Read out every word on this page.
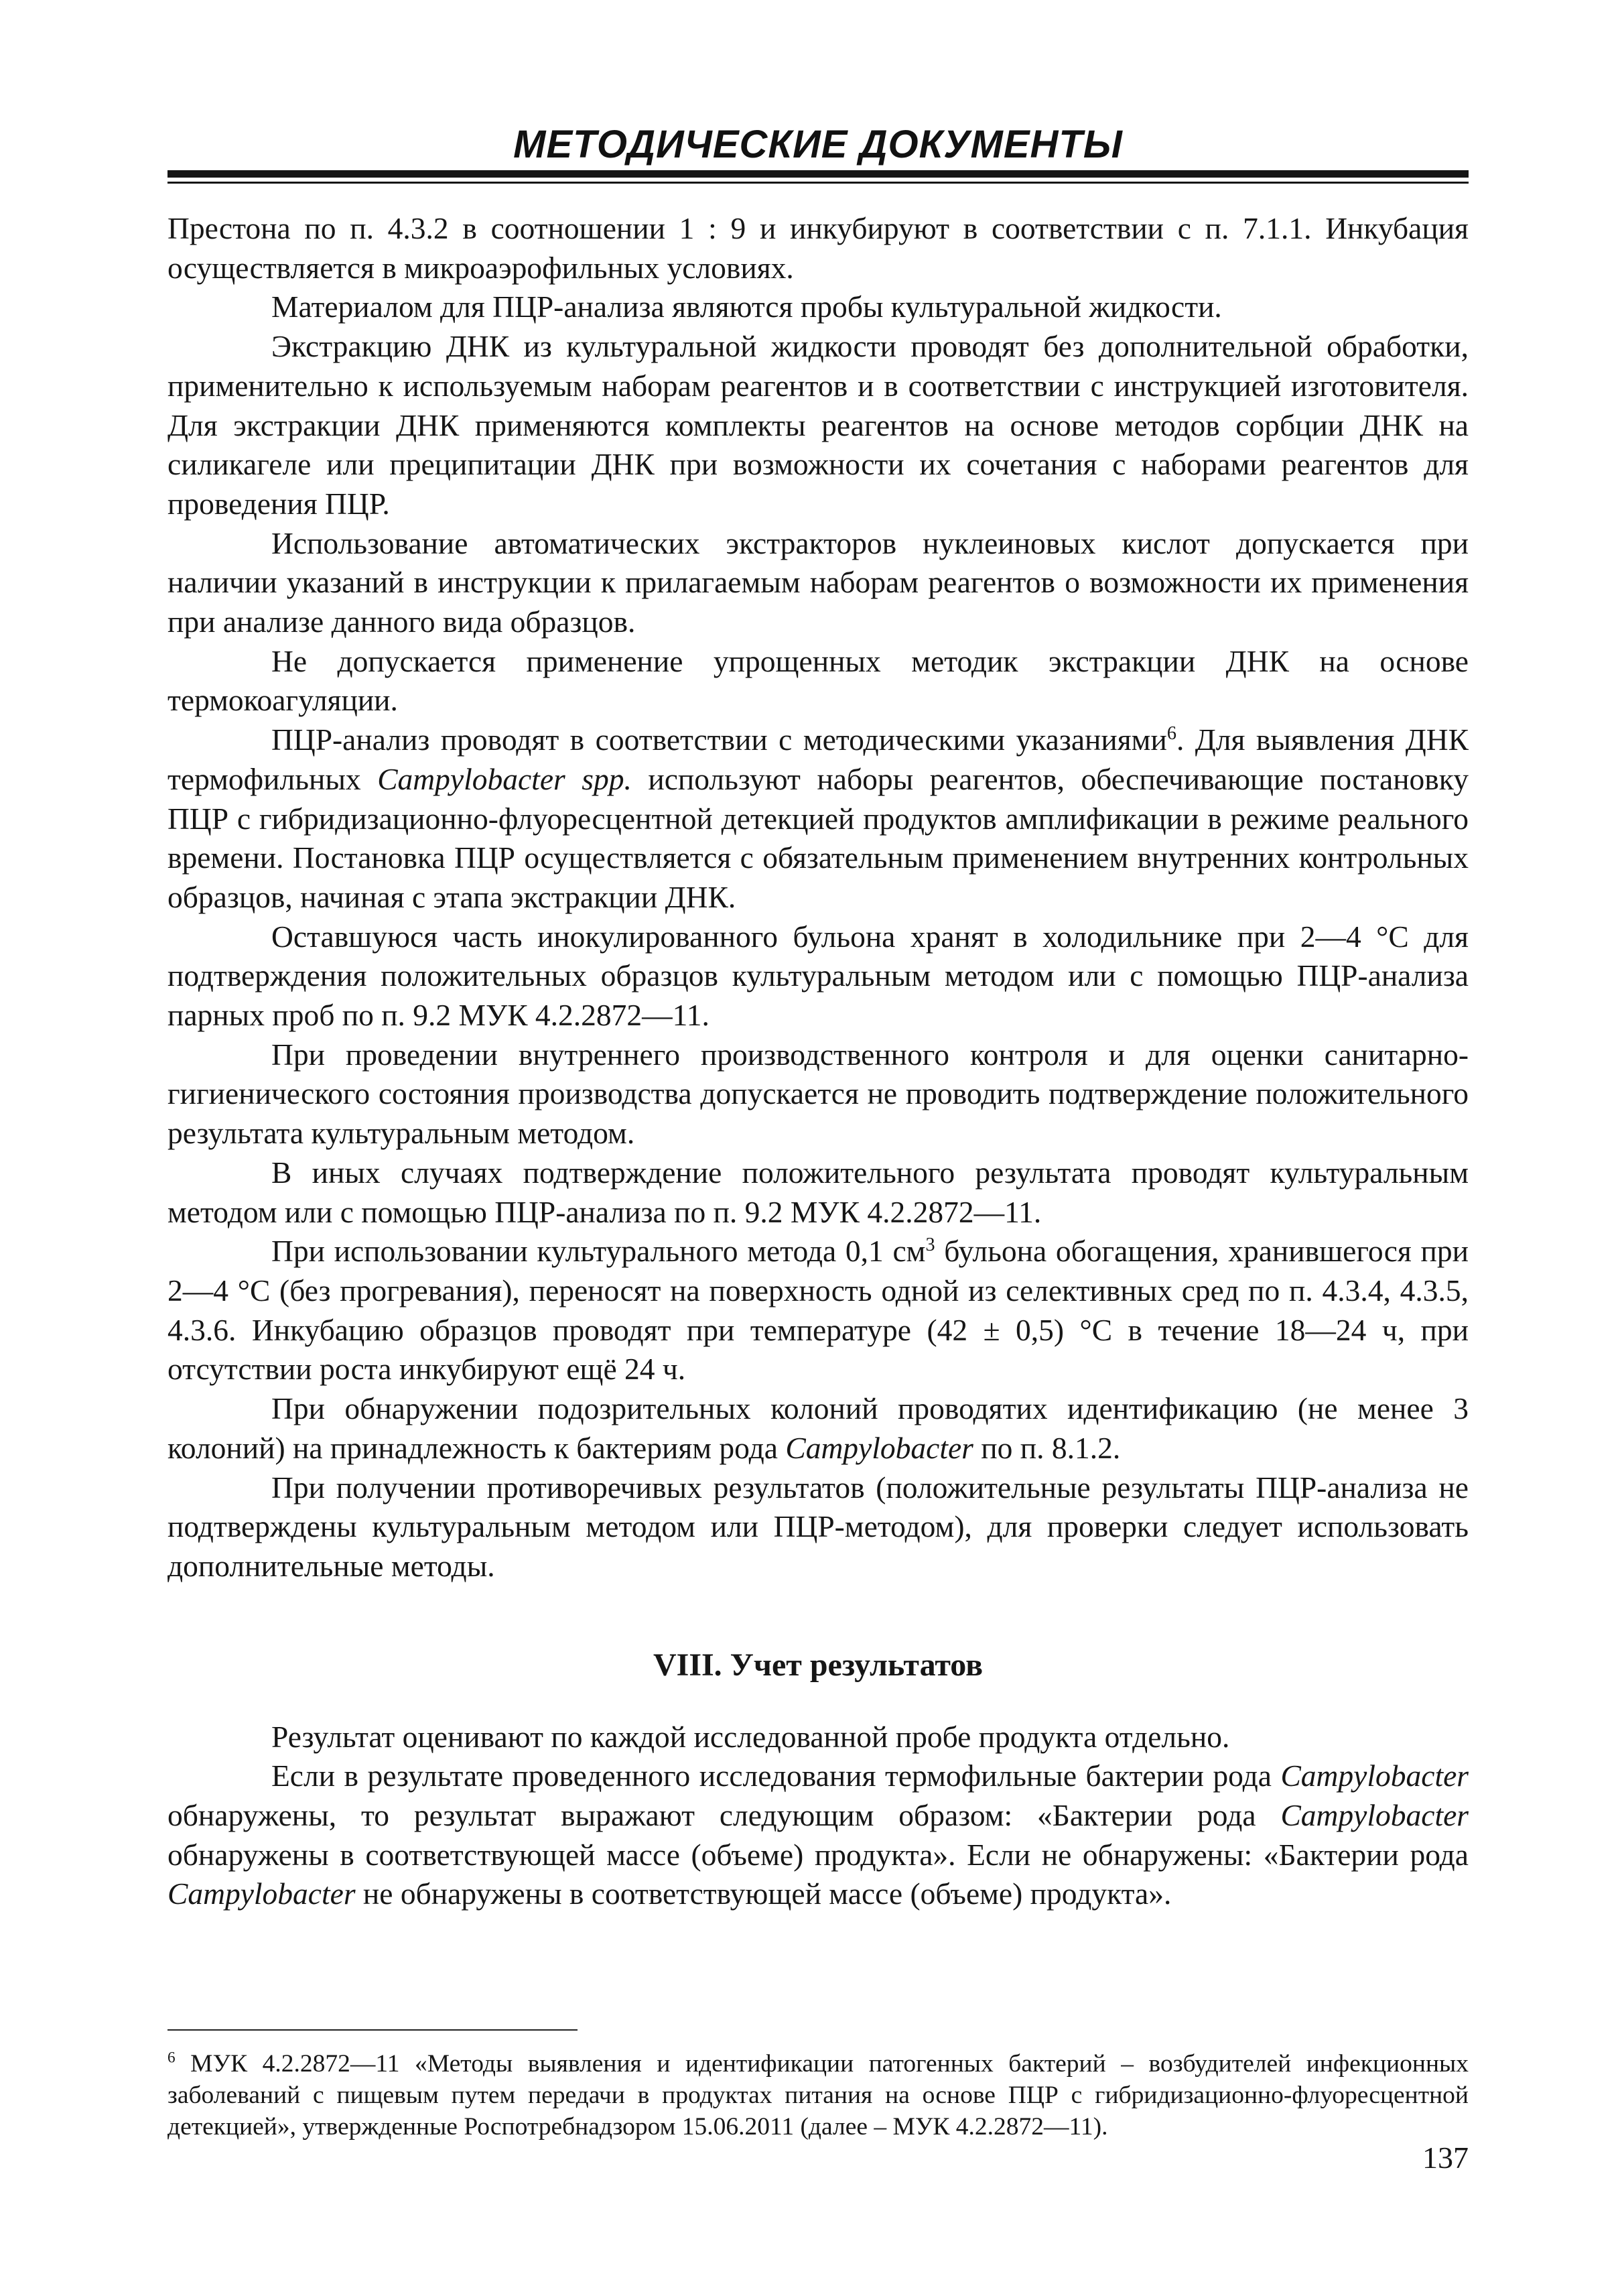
МЕТОДИЧЕСКИЕ ДОКУМЕНТЫ

Престона по п. 4.3.2 в соотношении 1 : 9 и инкубируют в соответствии с п. 7.1.1. Инкубация осуществляется в микроаэрофильных условиях.

Материалом для ПЦР-анализа являются пробы культуральной жидкости.

Экстракцию ДНК из культуральной жидкости проводят без дополнительной обработки, применительно к используемым наборам реагентов и в соответствии с инструкцией изготовителя. Для экстракции ДНК применяются комплекты реагентов на основе методов сорбции ДНК на силикагеле или преципитации ДНК при возможности их сочетания с наборами реагентов для проведения ПЦР.

Использование автоматических экстракторов нуклеиновых кислот допускается при наличии указаний в инструкции к прилагаемым наборам реагентов о возможности их применения при анализе данного вида образцов.

Не допускается применение упрощенных методик экстракции ДНК на основе термокоагуляции.

ПЦР-анализ проводят в соответствии с методическими указаниями$^6$. Для выявления ДНК термофильных Campylobacter spp. используют наборы реагентов, обеспечивающие постановку ПЦР с гибридизационно-флуоресцентной детекцией продуктов амплификации в режиме реального времени. Постановка ПЦР осуществляется с обязательным применением внутренних контрольных образцов, начиная с этапа экстракции ДНК.

Оставшуюся часть инокулированного бульона хранят в холодильнике при 2—4 °С для подтверждения положительных образцов культуральным методом или с помощью ПЦР-анализа парных проб по п. 9.2 МУК 4.2.2872—11.

При проведении внутреннего производственного контроля и для оценки санитарно-гигиенического состояния производства допускается не проводить подтверждение положительного результата культуральным методом.

В иных случаях подтверждение положительного результата проводят культуральным методом или с помощью ПЦР-анализа по п. 9.2 МУК 4.2.2872—11.

При использовании культурального метода 0,1 $см^3$ бульона обогащения, хранившегося при 2—4 °С (без прогревания), переносят на поверхность одной из селективных сред по п. 4.3.4, 4.3.5, 4.3.6. Инкубацию образцов проводят при температуре (42 ± 0,5) °С в течение 18—24 ч, при отсутствии роста инкубируют ещё 24 ч.

При обнаружении подозрительных колоний проводятих идентификацию (не менее 3 колоний) на принадлежность к бактериям рода Campylobacter по п. 8.1.2.

При получении противоречивых результатов (положительные результаты ПЦР-анализа не подтверждены культуральным методом или ПЦР-методом), для проверки следует использовать дополнительные методы.

VIII. Учет результатов

Результат оценивают по каждой исследованной пробе продукта отдельно.

Если в результате проведенного исследования термофильные бактерии рода Campylobacter обнаружены, то результат выражают следующим образом: «Бактерии рода Campylobacter обнаружены в соответствующей массе (объеме) продукта». Если не обнаружены: «Бактерии рода Campylobacter не обнаружены в соответствующей массе (объеме) продукта».

$^6$ МУК 4.2.2872—11 «Методы выявления и идентификации патогенных бактерий – возбудителей инфекционных заболеваний с пищевым путем передачи в продуктах питания на основе ПЦР с гибридизационно-флуоресцентной детекцией», утвержденные Роспотребнадзором 15.06.2011 (далее – МУК 4.2.2872—11).

137
